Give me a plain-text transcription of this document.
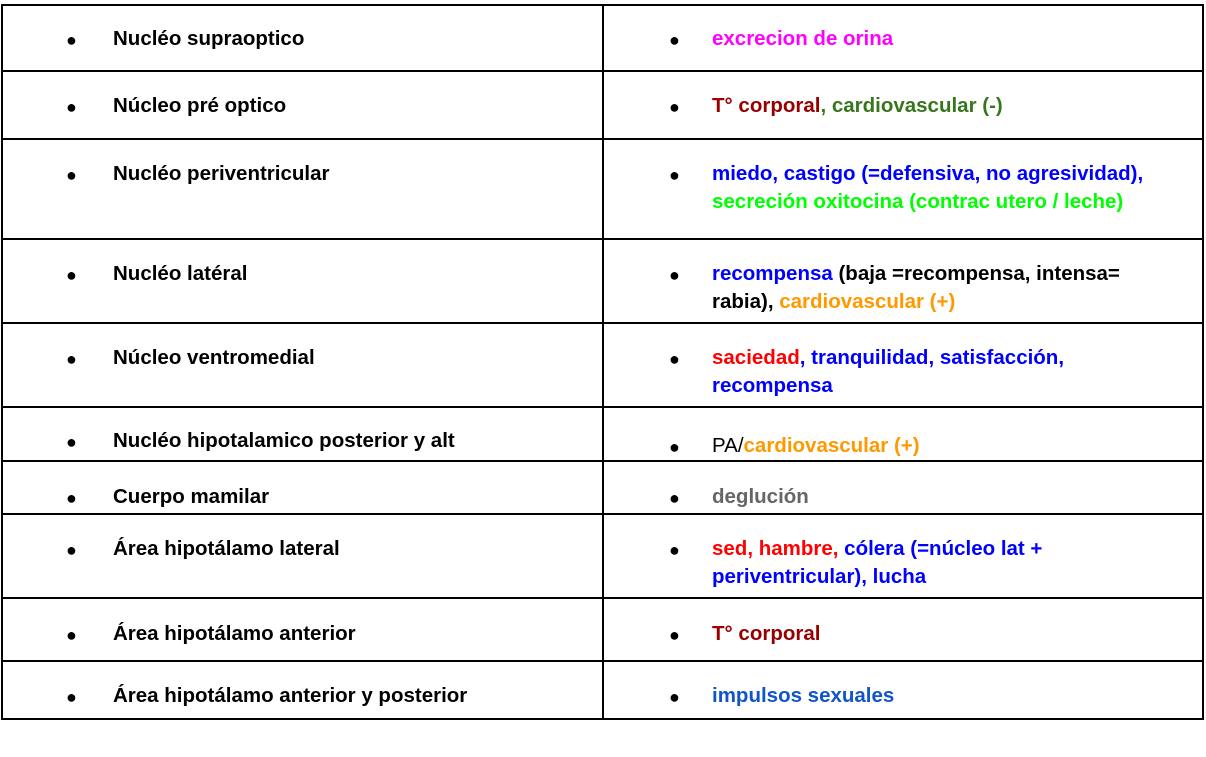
● Nucléo supraoptico	● excrecion de orina

● Núcleo pré optico	● T° corporal, cardiovascular (-)

● Nucléo periventricular	● miedo, castigo (=defensiva, no agresividad), secreción oxitocina (contrac utero / leche)

● Nucléo latéral	● recompensa (baja =recompensa, intensa= rabia), cardiovascular (+)

● Núcleo ventromedial	● saciedad, tranquilidad, satisfacción, recompensa

● Nucléo hipotalamico posterior y alt	● PA/cardiovascular (+)

● Cuerpo mamilar	● deglución

● Área hipotálamo lateral	● sed, hambre, cólera (=núcleo lat + periventricular), lucha

● Área hipotálamo anterior	● T° corporal

● Área hipotálamo anterior y posterior	● impulsos sexuales
